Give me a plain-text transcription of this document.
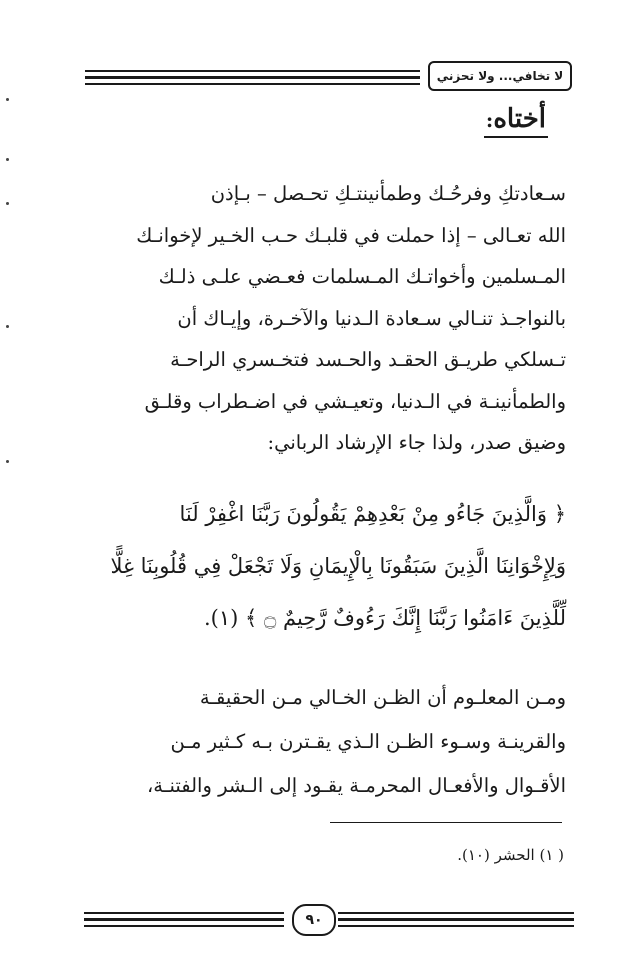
لا تخافي... ولا تحزني
أختاه:
سـعادتكِ وفرحُـك وطمأنينتـكِ تحـصل – بـإذن
الله تعـالى – إذا حملت في قلبـك حـب الخـير لإخوانـك
المـسلمين وأخواتـك المـسلمات فعـضي علـى ذلـك
بالنواجـذ تنـالي سـعادة الـدنيا والآخـرة، وإيـاك أن
تـسلكي طريـق الحقـد والحـسد فتخـسري الراحـة
والطمأنينـة في الـدنيا، وتعيـشي في اضـطراب وقلـق
وضيق صدر، ولذا جاء الإرشاد الرباني:
﴿ وَالَّذِينَ جَاءُو مِنْ بَعْدِهِمْ يَقُولُونَ رَبَّنَا اغْفِرْ لَنَا
وَلِإِخْوَانِنَا الَّذِينَ سَبَقُونَا بِالْإِيمَانِ وَلَا تَجْعَلْ فِي قُلُوبِنَا غِلًّا
لِّلَّذِينَ ءَامَنُوا رَبَّنَا إِنَّكَ رَءُوفٌ رَّحِيمٌ ۝ ﴾ (١).
ومـن المعلـوم أن الظـن الخـالي مـن الحقيقـة
والقرينـة وسـوء الظـن الـذي يقـترن بـه كـثير مـن
الأقـوال والأفعـال المحرمـة يقـود إلى الـشر والفتنـة،
( ١) الحشر (١٠).
٩٠
